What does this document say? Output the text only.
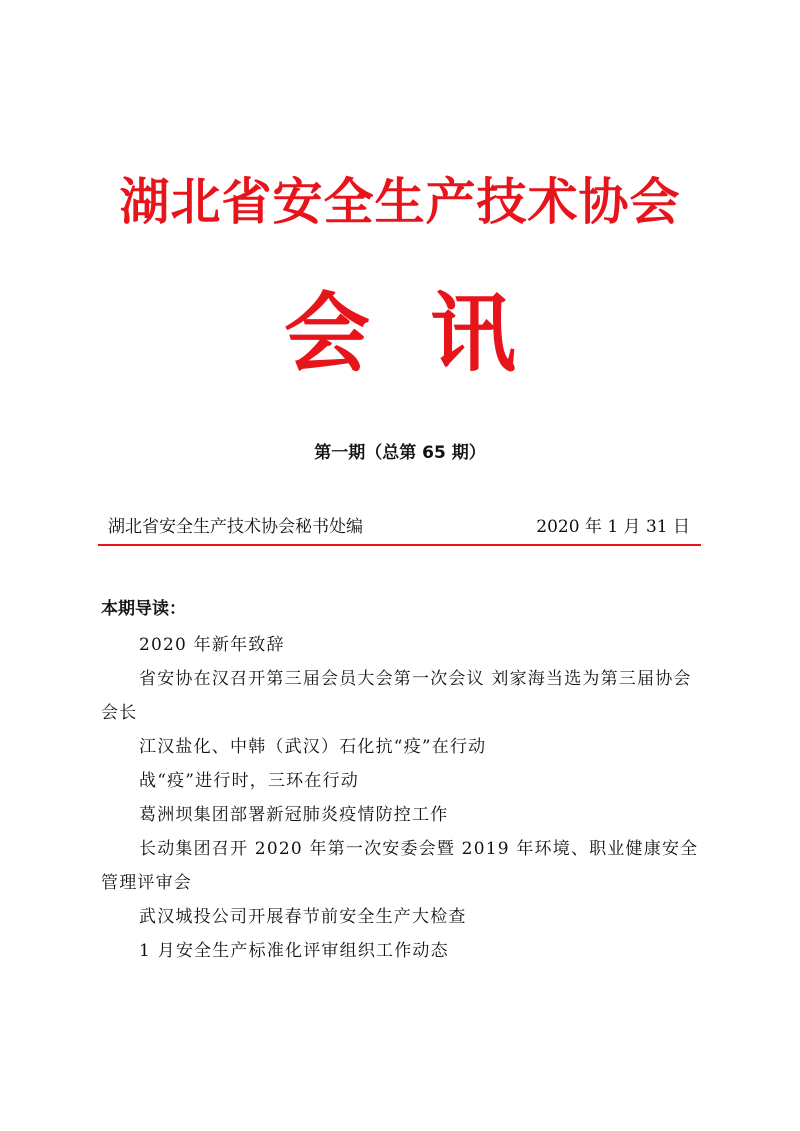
湖北省安全生产技术协会
会讯
第一期（总第 65 期）
湖北省安全生产技术协会秘书处编	2020 年 1 月 31 日
本期导读：
2020 年新年致辞
省安协在汉召开第三届会员大会第一次会议 刘家海当选为第三届协会会长
江汉盐化、中韩（武汉）石化抗“疫”在行动
战“疫”进行时，三环在行动
葛洲坝集团部署新冠肺炎疫情防控工作
长动集团召开 2020 年第一次安委会暨 2019 年环境、职业健康安全管理评审会
武汉城投公司开展春节前安全生产大检查
1 月安全生产标准化评审组织工作动态
